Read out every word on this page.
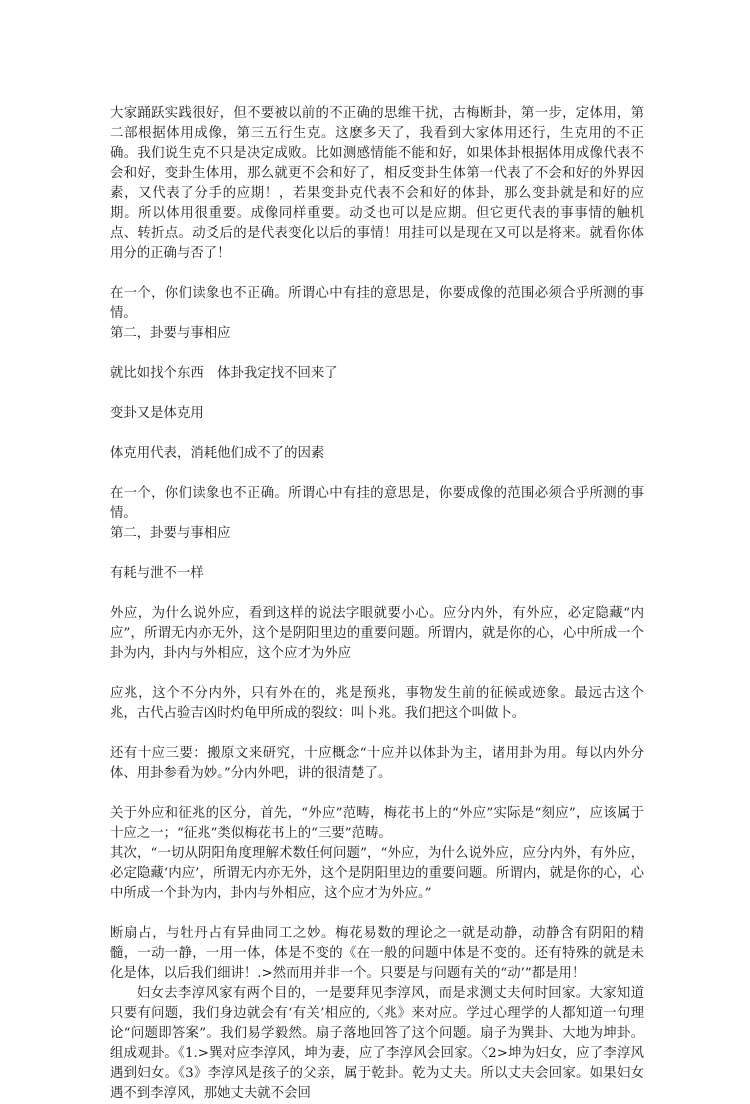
大家踊跃实践很好，但不要被以前的不正确的思维干扰，古梅断卦，第一步，定体用，第二部根据体用成像，第三五行生克。这麽多天了，我看到大家体用还行，生克用的不正确。我们说生克不只是决定成败。比如测感情能不能和好，如果体卦根据体用成像代表不会和好，变卦生体用，那么就更不会和好了，相反变卦生体第一代表了不会和好的外界因素，又代表了分手的应期！，若果变卦克代表不会和好的体卦，那么变卦就是和好的应期。所以体用很重要。成像同样重要。动爻也可以是应期。但它更代表的事事情的触机点、转折点。动爻后的是代表变化以后的事情！用挂可以是现在又可以是将来。就看你体用分的正确与否了！

在一个，你们读象也不正确。所谓心中有挂的意思是，你要成像的范围必须合乎所测的事情。
第二，卦要与事相应

就比如找个东西　体卦我定找不回来了

变卦又是体克用

体克用代表，消耗他们成不了的因素

在一个，你们读象也不正确。所谓心中有挂的意思是，你要成像的范围必须合乎所测的事情。
第二，卦要与事相应

有耗与泄不一样

外应，为什么说外应，看到这样的说法字眼就要小心。应分内外，有外应，必定隐藏“内应”，所谓无内亦无外，这个是阴阳里边的重要问题。所谓内，就是你的心，心中所成一个卦为内，卦内与外相应，这个应才为外应

应兆，这个不分内外，只有外在的，兆是预兆，事物发生前的征候或迹象。最远古这个兆，古代占验吉凶时灼龟甲所成的裂纹：叫卜兆。我们把这个叫做卜。

还有十应三要：搬原文来研究，十应概念“十应并以体卦为主，诸用卦为用。每以内外分体、用卦参看为妙。”分内外吧，讲的很清楚了。

关于外应和征兆的区分，首先，“外应”范畴，梅花书上的“外应”实际是“刻应”，应该属于十应之一；“征兆”类似梅花书上的“三要”范畴。
其次，“一切从阴阳角度理解术数任何问题”，“外应，为什么说外应，应分内外，有外应，必定隐藏‘内应’，所谓无内亦无外，这个是阴阳里边的重要问题。所谓内，就是你的心，心中所成一个卦为内，卦内与外相应，这个应才为外应。”

断扇占，与牡丹占有异曲同工之妙。梅花易数的理论之一就是动静，动静含有阴阳的精髓，一动一静，一用一体，体是不变的《在一般的问题中体是不变的。还有特殊的就是未化是体，以后我们细讲！.>然而用并非一个。只要是与问题有关的“动’”都是用！

妇女去李淳风家有两个目的，一是要拜见李淳风，而是求测丈夫何时回家。大家知道只要有问题，我们身边就会有‘有关’相应的,〈兆》来对应。学过心理学的人都知道一句理论“问题即答案”。我们易学毅然。扇子落地回答了这个问题。扇子为巽卦、大地为坤卦。组成观卦。《1.>巽对应李淳风，坤为妻，应了李淳风会回家。〈2>坤为妇女，应了李淳风遇到妇女。《3》李淳风是孩子的父亲，属于乾卦。乾为丈夫。所以丈夫会回家。如果妇女遇不到李淳风，那她丈夫就不会回
